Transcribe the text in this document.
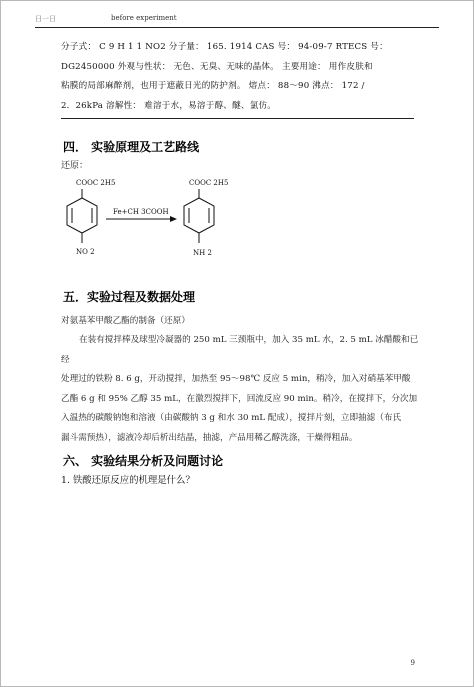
日一日	before experiment

分子式： C 9 H 1 1 NO2 分子量： 165. 1914 CAS 号： 94-09-7 RTECS 号：

DG2450000 外观与性状： 无色、无臭、无味的晶体。 主要用途： 用作皮肤和

粘膜的局部麻醉剂，也用于遮蔽日光的防护剂。 熔点： 88～90 沸点： 172 /

2．26kPa 溶解性： 难溶于水，易溶于醇、醚、氯仿。

四． 实验原理及工艺路线
还原：
COOC 2H5
NO 2
Fe+CH 3COOH
COOC 2H5
NH 2
五．实验过程及数据处理
对氨基苯甲酸乙酯的制备（还原）

在装有搅拌棒及球型冷凝器的 250 mL 三颈瓶中，加入 35 mL 水，2. 5 mL 冰醋酸和已经

处理过的铁粉 8. 6 g，开动搅拌，加热至 95～98℃ 反应 5 min，稍冷，加入对硝基苯甲酸

乙酯 6 g 和 95% 乙醇 35 mL，在激烈搅拌下，回流反应 90 min。稍冷，在搅拌下，分次加

入温热的碳酸钠饱和溶液（由碳酸钠 3 g 和水 30 mL 配成），搅拌片刻，立即抽滤（布氏

漏斗需预热），滤液冷却后析出结晶，抽滤，产品用稀乙醇洗涤，干燥得粗品。

六、 实验结果分析及问题讨论
1. 铁酸还原反应的机理是什么？
9
